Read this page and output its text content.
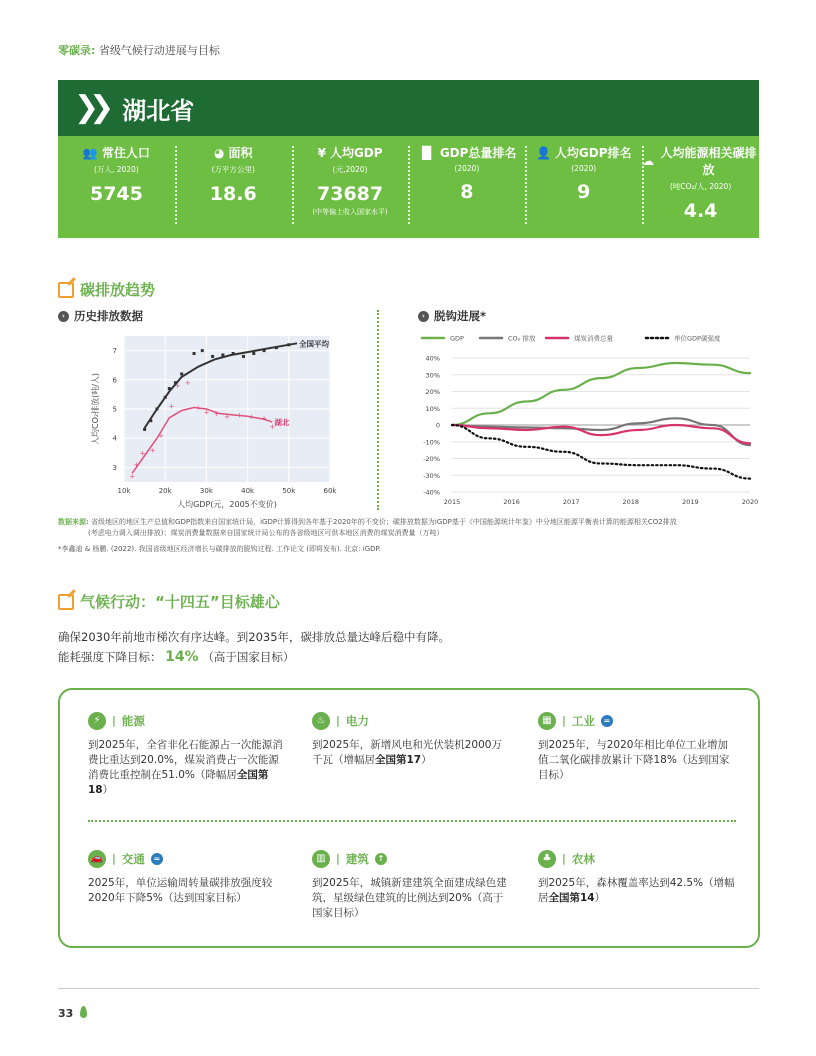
零碳录: 省级气候行动进展与目标
❯❯ 湖北省
👥 常住人口
(万人, 2020)
5745
◕ 面积
(万平方公里)
18.6
¥ 人均GDP
(元,2020)
73687
(中等偏上收入国家水平)
▐▌ GDP总量排名
(2020)
8
👤 人均GDP排名
(2020)
9
☁
人均能源相关碳排放
(吨CO₂/人, 2020)
4.4
碳排放趋势
› 历史排放数据	› 脱钩进展*
10k	20k	30k	40k	50k	60k
3
4
5
6
7
人均GDP(元，2005不变价)
人均CO₂排放(吨/人)
+
+
+ +
+
+
+ +
+
+ + + + + +
+
全国平均
湖北
GDP	CO₂ 排放	煤炭消费总量	单位GDP碳强度
40%
30%
20%
10%
0
-10%
-20%
-30%
-40%
2015	2016	2017	2018	2019	2020
数据来源: 省级地区的地区生产总值和GDP指数来自国家统计局，iGDP计算得到各年基于2020年的不变价；碳排放数据为iGDP基于《中国能源统计年鉴》中分地区能源平衡表计算的能源相关CO2排放
(考虑电力调入调出排放)；煤炭消费量数据来自国家统计局公布的各省级地区可供本地区消费的煤炭消费量（万吨）
*李鑫迪 & 杨鹏. (2022). 我国省级地区经济增长与碳排放的脱钩过程. 工作论文 (即将发布). 北京: iGDP.
气候行动：“十四五”目标雄心
确保2030年前地市梯次有序达峰。到2035年，碳排放总量达峰后稳中有降。
能耗强度下降目标： 14% （高于国家目标）
⚡	| 能源
到2025年，全省非化石能源占一次能源消费比重达到20.0%，煤炭消费占一次能源消费比重控制在51.0%（降幅居全国第18）
♨	| 电力
到2025年，新增风电和光伏装机2000万千瓦（增幅居全国第17）
▦ | 工业	=
到2025年，与2020年相比单位工业增加值二氧化碳排放累计下降18%（达到国家目标）
🚗 | 交通	=
2025年，单位运输周转量碳排放强度较2020年下降5%（达到国家目标）
▥ | 建筑	↑
到2025年，城镇新建建筑全面建成绿色建筑，星级绿色建筑的比例达到20%（高于国家目标）
♣	| 农林
到2025年，森林覆盖率达到42.5%（增幅居全国第14）
33
